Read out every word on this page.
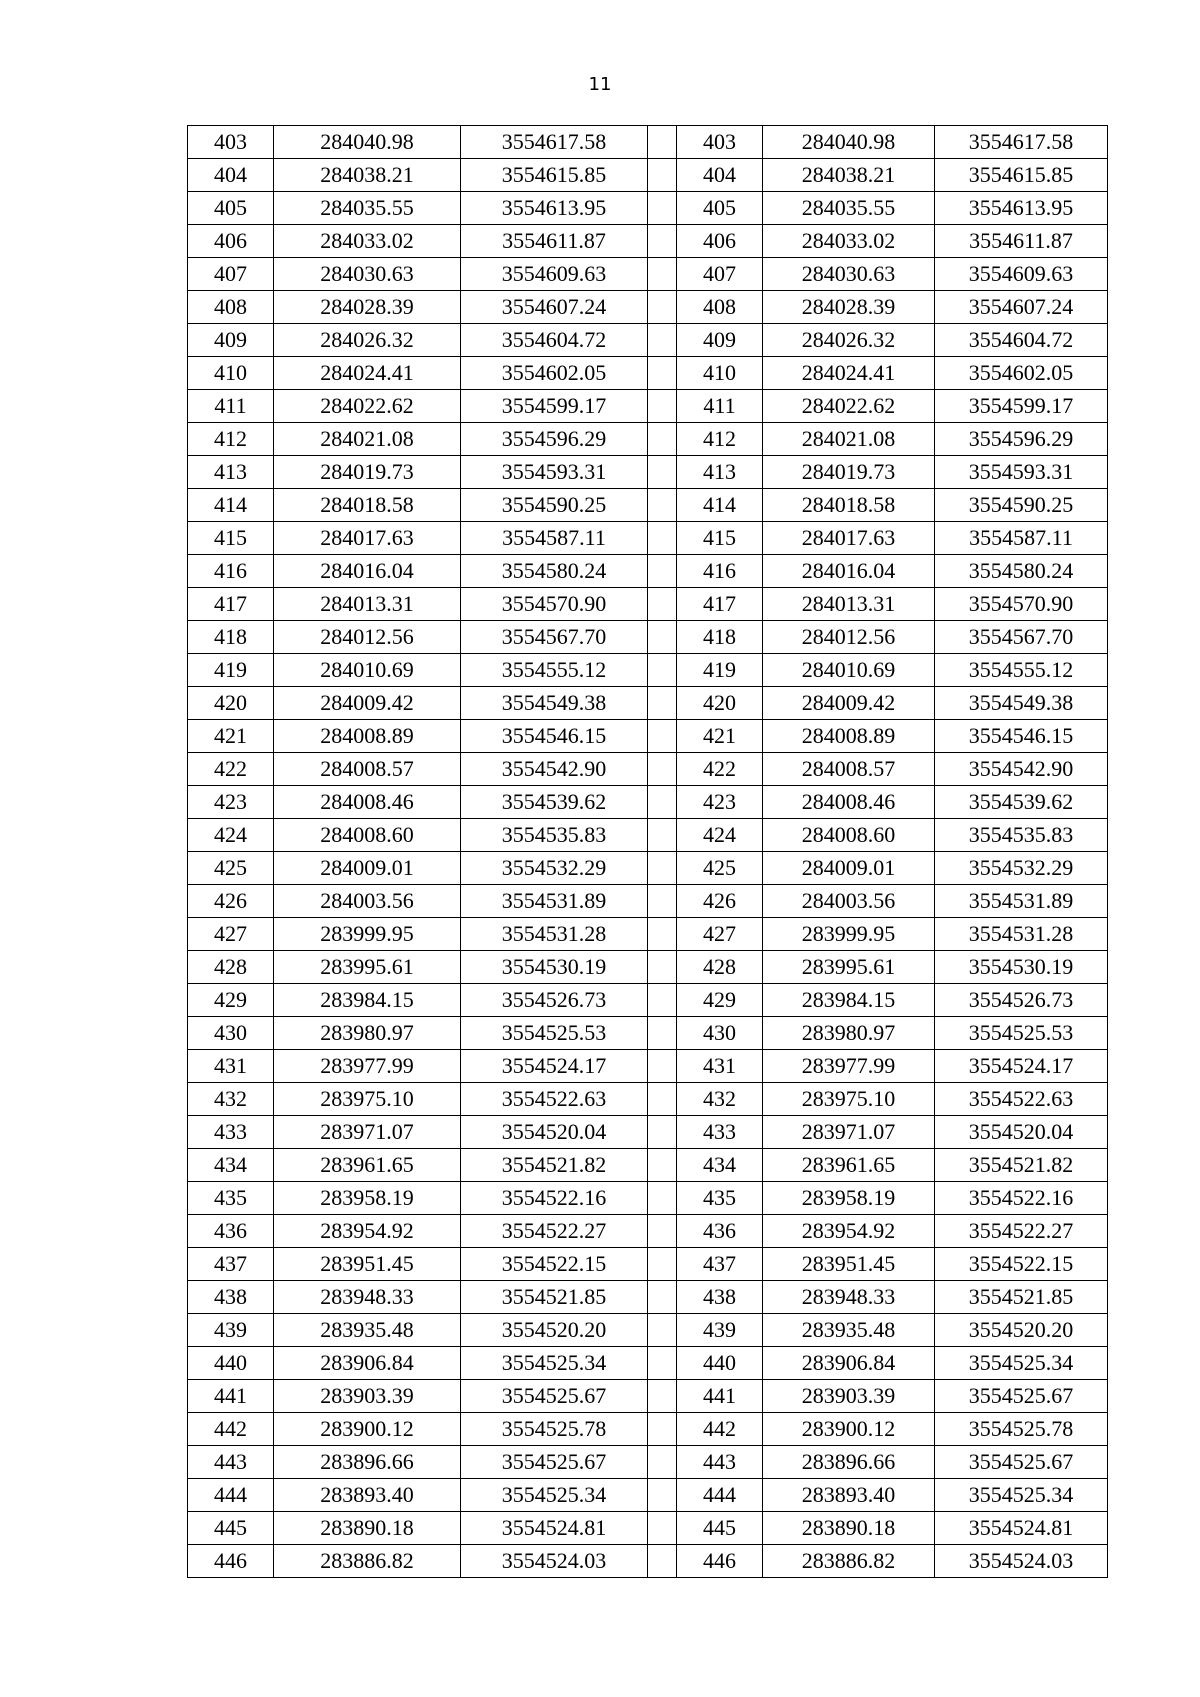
11
403	284040.98	3554617.58		403	284040.98	3554617.58
404	284038.21	3554615.85		404	284038.21	3554615.85
405	284035.55	3554613.95		405	284035.55	3554613.95
406	284033.02	3554611.87		406	284033.02	3554611.87
407	284030.63	3554609.63		407	284030.63	3554609.63
408	284028.39	3554607.24		408	284028.39	3554607.24
409	284026.32	3554604.72		409	284026.32	3554604.72
410	284024.41	3554602.05		410	284024.41	3554602.05
411	284022.62	3554599.17		411	284022.62	3554599.17
412	284021.08	3554596.29		412	284021.08	3554596.29
413	284019.73	3554593.31		413	284019.73	3554593.31
414	284018.58	3554590.25		414	284018.58	3554590.25
415	284017.63	3554587.11		415	284017.63	3554587.11
416	284016.04	3554580.24		416	284016.04	3554580.24
417	284013.31	3554570.90		417	284013.31	3554570.90
418	284012.56	3554567.70		418	284012.56	3554567.70
419	284010.69	3554555.12		419	284010.69	3554555.12
420	284009.42	3554549.38		420	284009.42	3554549.38
421	284008.89	3554546.15		421	284008.89	3554546.15
422	284008.57	3554542.90		422	284008.57	3554542.90
423	284008.46	3554539.62		423	284008.46	3554539.62
424	284008.60	3554535.83		424	284008.60	3554535.83
425	284009.01	3554532.29		425	284009.01	3554532.29
426	284003.56	3554531.89		426	284003.56	3554531.89
427	283999.95	3554531.28		427	283999.95	3554531.28
428	283995.61	3554530.19		428	283995.61	3554530.19
429	283984.15	3554526.73		429	283984.15	3554526.73
430	283980.97	3554525.53		430	283980.97	3554525.53
431	283977.99	3554524.17		431	283977.99	3554524.17
432	283975.10	3554522.63		432	283975.10	3554522.63
433	283971.07	3554520.04		433	283971.07	3554520.04
434	283961.65	3554521.82		434	283961.65	3554521.82
435	283958.19	3554522.16		435	283958.19	3554522.16
436	283954.92	3554522.27		436	283954.92	3554522.27
437	283951.45	3554522.15		437	283951.45	3554522.15
438	283948.33	3554521.85		438	283948.33	3554521.85
439	283935.48	3554520.20		439	283935.48	3554520.20
440	283906.84	3554525.34		440	283906.84	3554525.34
441	283903.39	3554525.67		441	283903.39	3554525.67
442	283900.12	3554525.78		442	283900.12	3554525.78
443	283896.66	3554525.67		443	283896.66	3554525.67
444	283893.40	3554525.34		444	283893.40	3554525.34
445	283890.18	3554524.81		445	283890.18	3554524.81
446	283886.82	3554524.03		446	283886.82	3554524.03
